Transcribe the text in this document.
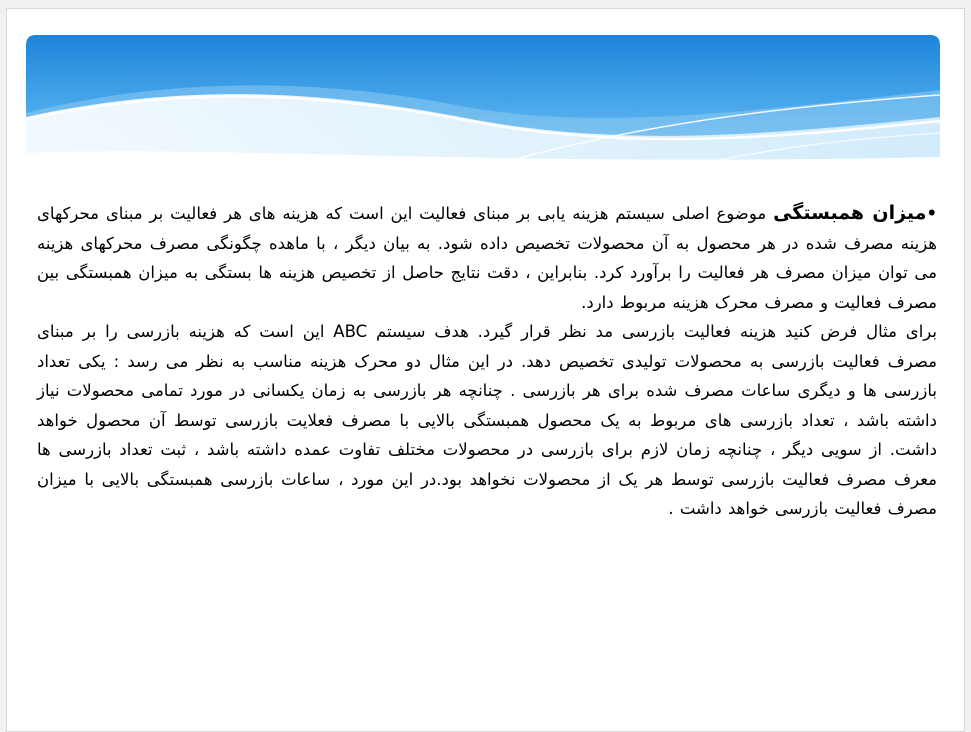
•میزان همبستگی موضوع اصلی سیستم هزینه یابی بر مبنای فعالیت این است که هزینه های هر فعالیت بر مبنای محرکهای هزینه مصرف شده در هر محصول به آن محصولات تخصیص داده شود. به بیان دیگر ، با ماهده چگونگی مصرف محرکهای هزینه می توان میزان مصرف هر فعالیت را برآورد کرد. بنابراین ، دقت نتایج حاصل از تخصیص هزینه ها بستگی به میزان همبستگی بین مصرف فعالیت و مصرف محرک هزینه مربوط دارد.

برای مثال فرض کنید هزینه فعالیت بازرسی مد نظر قرار گیرد. هدف سیستم ABC این است که هزینه بازرسی را بر مبنای مصرف فعالیت بازرسی به محصولات تولیدی تخصیص دهد. در این مثال دو محرک هزینه مناسب به نظر می رسد : یکی تعداد بازرسی ها و دیگری ساعات مصرف شده برای هر بازرسی . چنانچه هر بازرسی به زمان یکسانی در مورد تمامی محصولات نیاز داشته باشد ، تعداد بازرسی های مربوط به یک محصول همبستگی بالایی با مصرف فعلایت بازرسی توسط آن محصول خواهد داشت. از سویی دیگر ، چنانچه زمان لازم برای بازرسی در محصولات مختلف تفاوت عمده داشته باشد ، ثبت تعداد بازرسی ها معرف مصرف فعالیت بازرسی توسط هر یک از محصولات نخواهد بود.در این مورد ، ساعات بازرسی همبستگی بالایی با میزان مصرف فعالیت بازرسی خواهد داشت .
